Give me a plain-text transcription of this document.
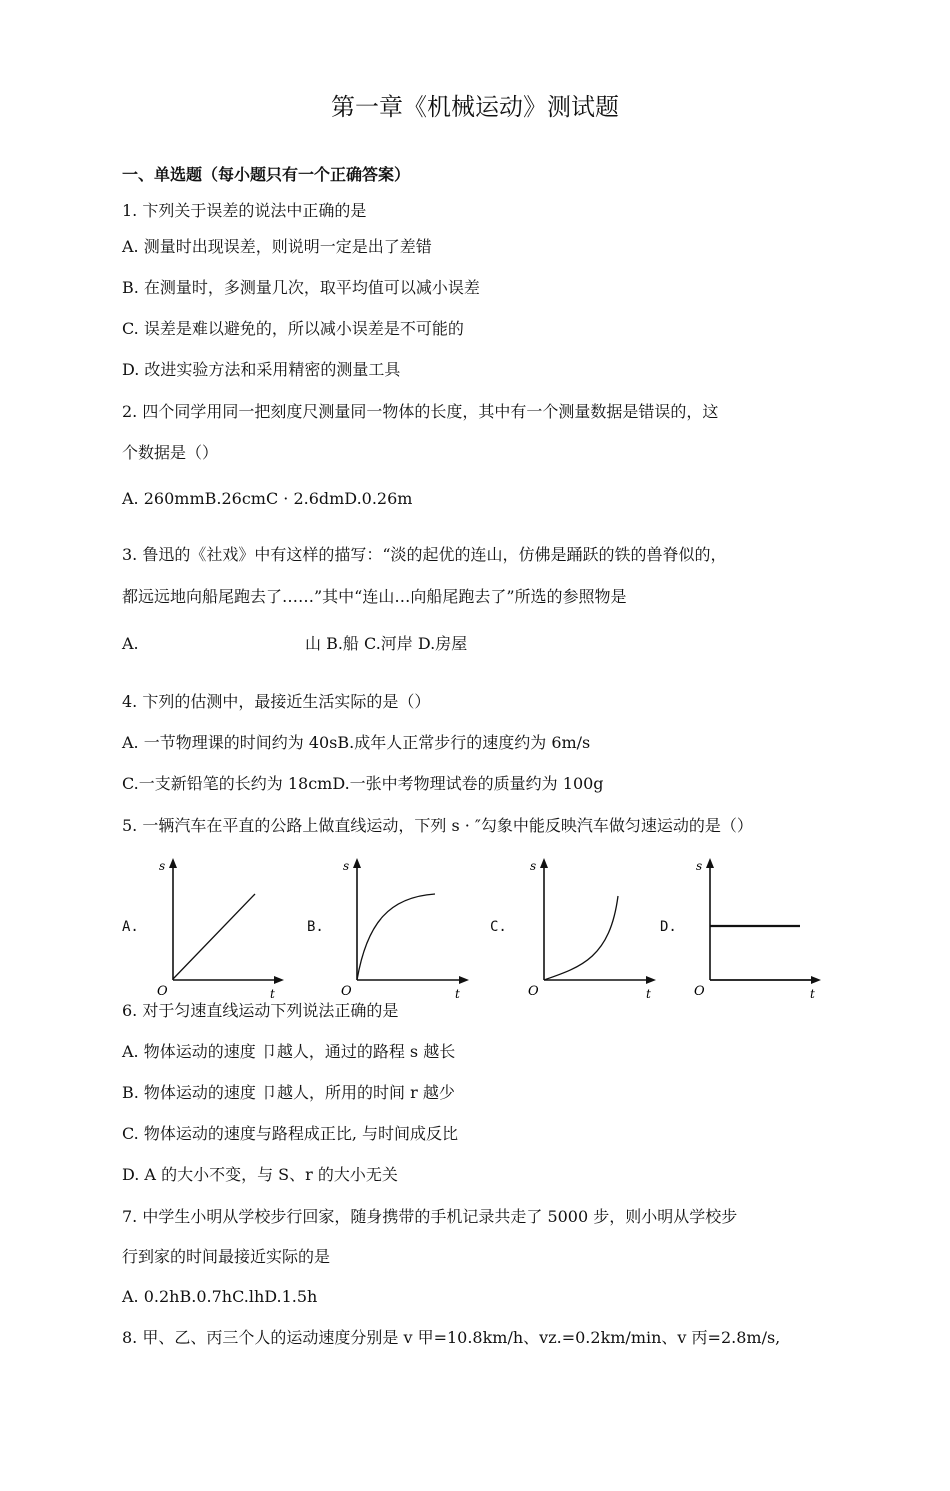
第一章《机械运动》测试题
一、单选题（每小题只有一个正确答案）
1. 卞列关于误差的说法中正确的是
A. 测量时出现误差，则说明一定是出了差错
B. 在测量时，多测量几次，取平均值可以减小误差
C. 误差是难以避免的，所以减小误差是不可能的
D. 改进实验方法和采用精密的测量工具
2. 四个同学用同一把刻度尺测量同一物体的长度，其中有一个测量数据是错误的，这
个数据是（）
A. 260mmB.26cmC · 2.6dmD.0.26m
3. 鲁迅的《社戏》中有这样的描写：“淡的起优的连山，仿佛是踊跃的铁的兽脊似的，
都远远地向船尾跑去了……”其中“连山…向船尾跑去了”所选的参照物是
A.	山 B.船 C.河岸 D.房屋
4. 卞列的估测中，最接近生活实际的是（）
A. 一节物理课的时间约为 40sB.成年人正常步行的速度约为 6m/s
C.一支新铅笔的长约为 18cmD.一张中考物理试卷的质量约为 100g
5. 一辆汽车在平直的公路上做直线运动，下列 s · ″勾象中能反映汽车做匀速运动的是（）
A.
s
t
O
B.
s
t
O
C.
s
t
O
D.
s
t
O
6. 对于匀速直线运动下列说法正确的是
A. 物体运动的速度 卩越人，通过的路程 s 越长
B. 物体运动的速度 卩越人，所用的时间 r 越少
C. 物体运动的速度与路程成正比, 与时间成反比
D. A 的大小不变，与 S、r 的大小无关
7. 中学生小明从学校步行回家，随身携带的手机记录共走了 5000 步，则小明从学校步
行到家的时间最接近实际的是
A. 0.2hB.0.7hC.lhD.1.5h
8. 甲、乙、丙三个人的运动速度分别是 v 甲=10.8km/h、vz.=0.2km/min、v 丙=2.8m/s,
